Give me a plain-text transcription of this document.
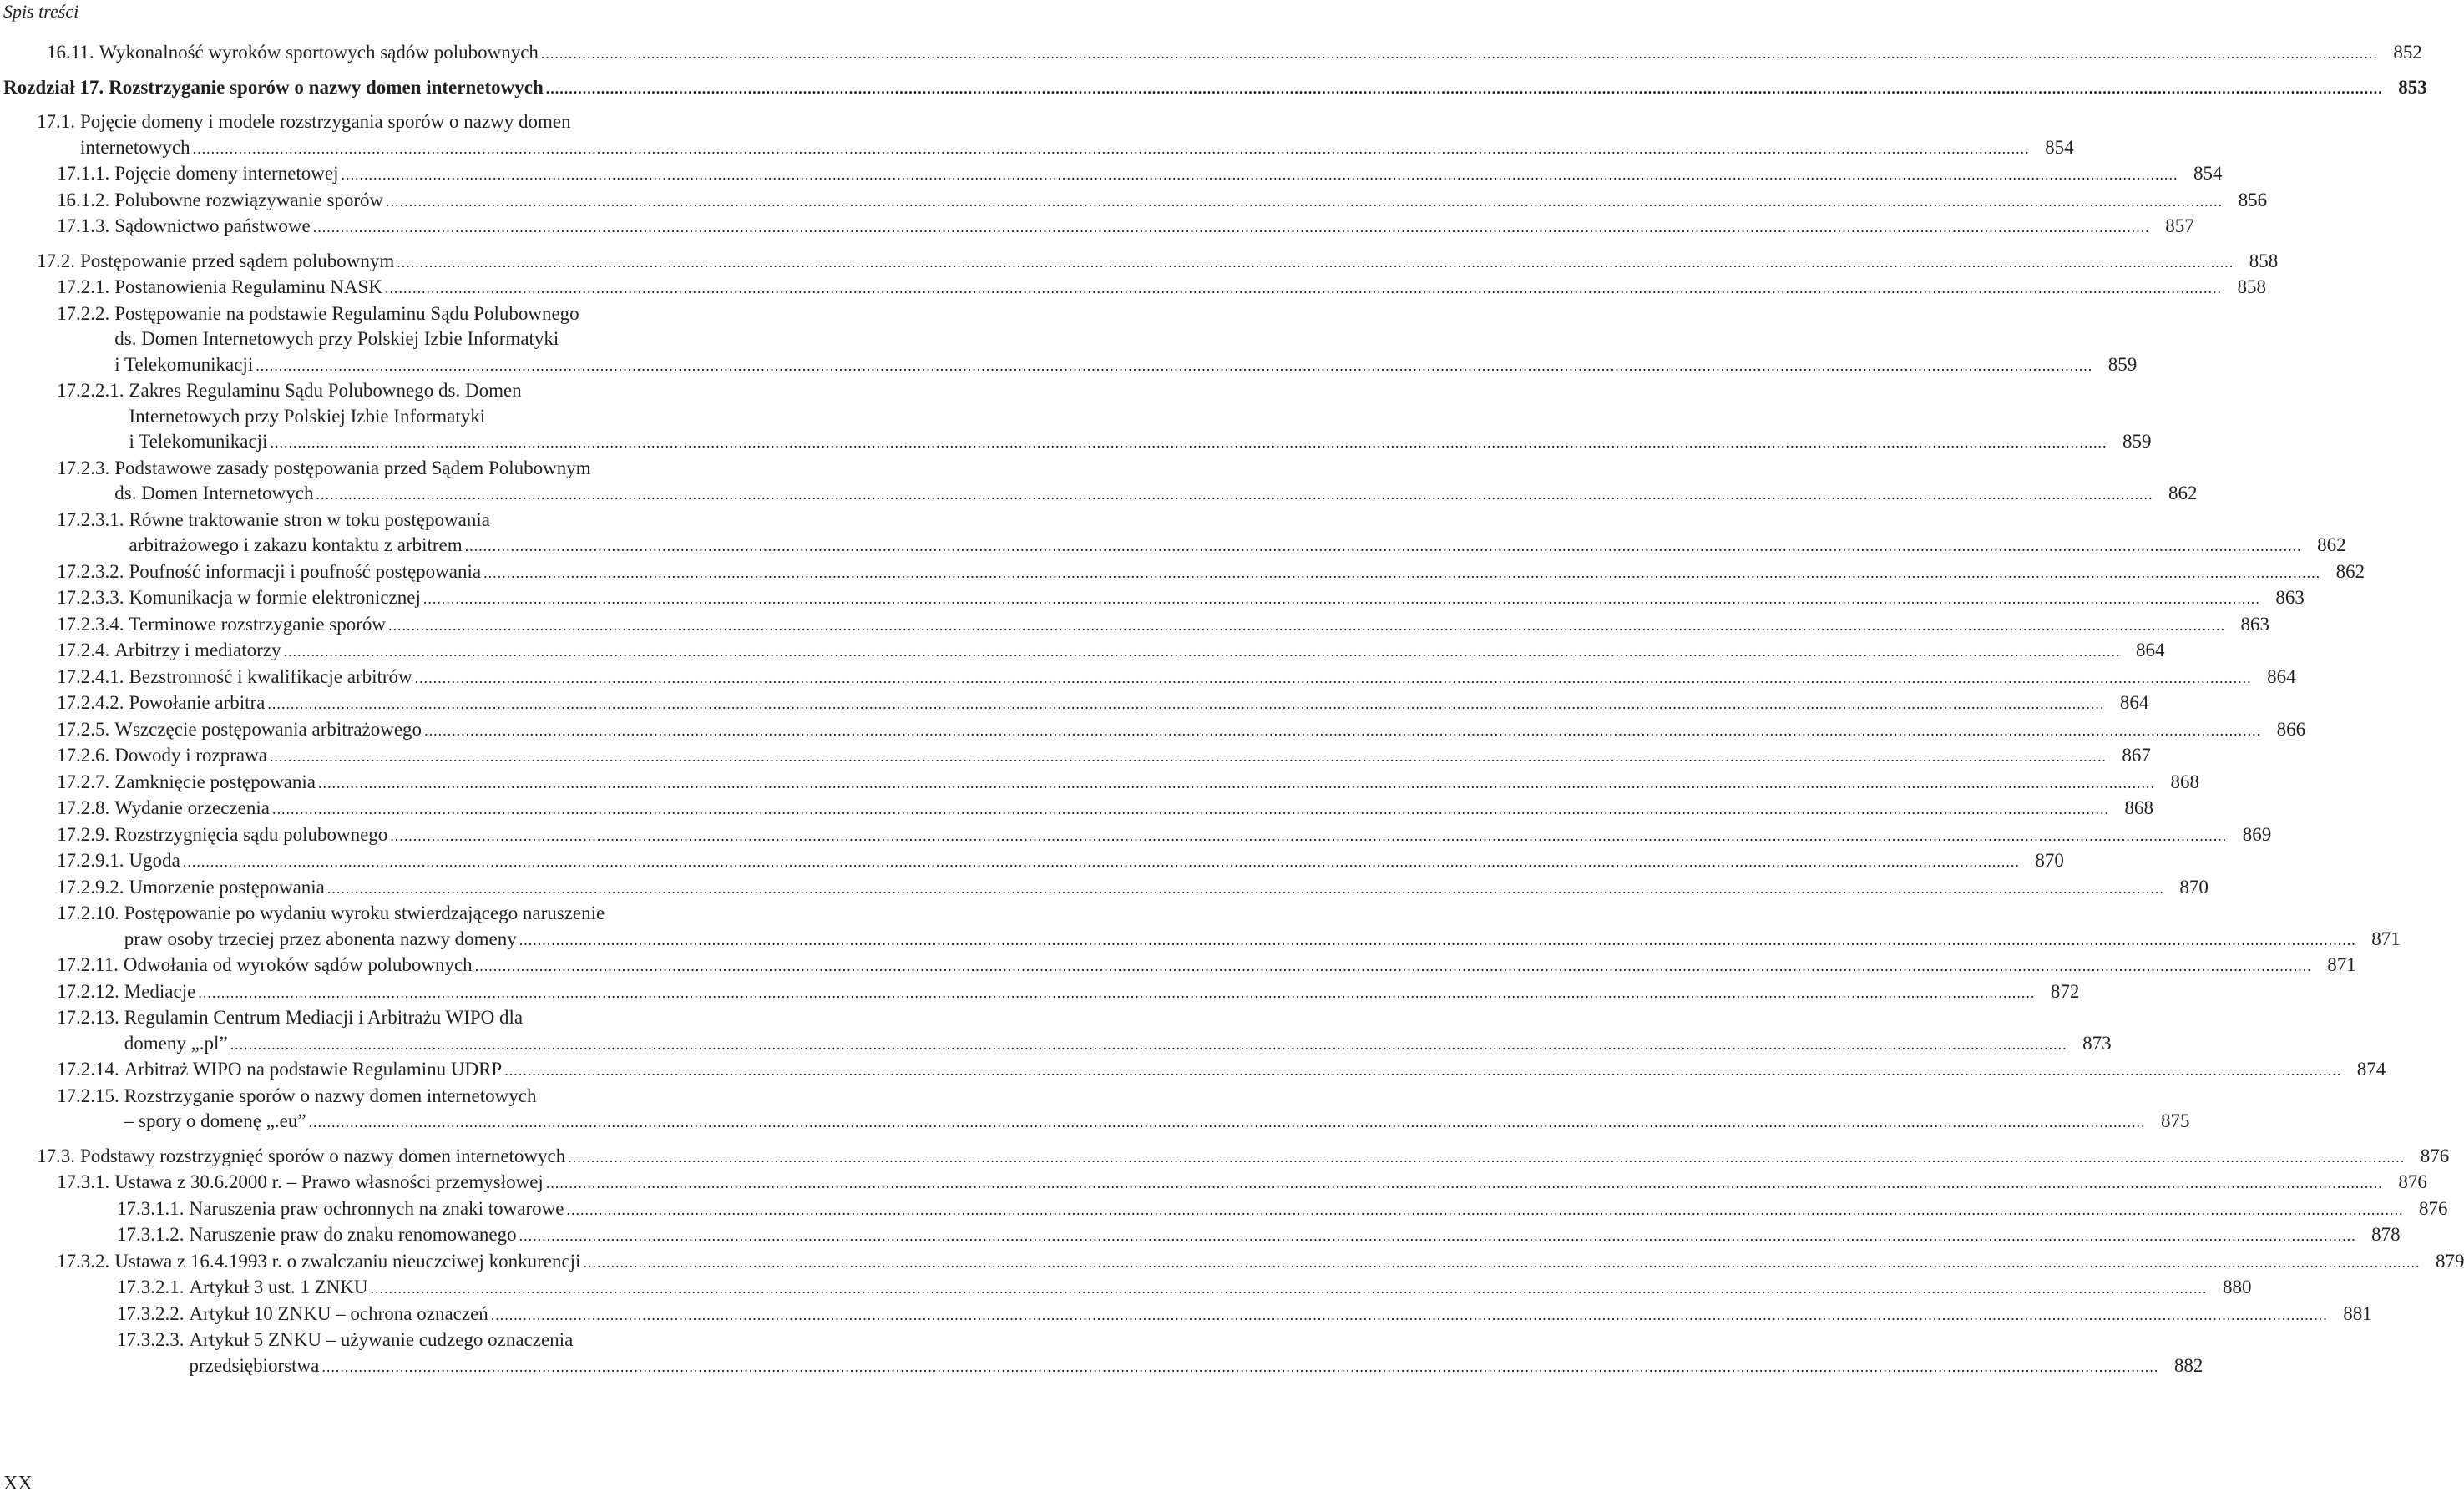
Spis treści
16.11. Wykonalność wyroków sportowych sądów polubownych ................................................................................................................................................................................................................................................................................................................................................................................................................ 852
Rozdział 17. Rozstrzyganie sporów o nazwy domen internetowych ................................................................................................................................................................................................................................................................................................................................................................................................................ 853
17.1. Pojęcie domeny i modele rozstrzygania sporów o nazwy domen
internetowych ................................................................................................................................................................................................................................................................................................................................................................................................................ 854
17.1.1. Pojęcie domeny internetowej ................................................................................................................................................................................................................................................................................................................................................................................................................ 854
16.1.2. Polubowne rozwiązywanie sporów ................................................................................................................................................................................................................................................................................................................................................................................................................ 856
17.1.3. Sądownictwo państwowe ................................................................................................................................................................................................................................................................................................................................................................................................................ 857
17.2. Postępowanie przed sądem polubownym ................................................................................................................................................................................................................................................................................................................................................................................................................ 858
17.2.1. Postanowienia Regulaminu NASK ................................................................................................................................................................................................................................................................................................................................................................................................................ 858
17.2.2. Postępowanie na podstawie Regulaminu Sądu Polubownego
ds. Domen Internetowych przy Polskiej Izbie Informatyki
i Telekomunikacji ................................................................................................................................................................................................................................................................................................................................................................................................................ 859
17.2.2.1. Zakres Regulaminu Sądu Polubownego ds. Domen
Internetowych przy Polskiej Izbie Informatyki
i Telekomunikacji ................................................................................................................................................................................................................................................................................................................................................................................................................ 859
17.2.3. Podstawowe zasady postępowania przed Sądem Polubownym
ds. Domen Internetowych ................................................................................................................................................................................................................................................................................................................................................................................................................ 862
17.2.3.1. Równe traktowanie stron w toku postępowania
arbitrażowego i zakazu kontaktu z arbitrem ................................................................................................................................................................................................................................................................................................................................................................................................................ 862
17.2.3.2. Poufność informacji i poufność postępowania ................................................................................................................................................................................................................................................................................................................................................................................................................ 862
17.2.3.3. Komunikacja w formie elektronicznej ................................................................................................................................................................................................................................................................................................................................................................................................................ 863
17.2.3.4. Terminowe rozstrzyganie sporów ................................................................................................................................................................................................................................................................................................................................................................................................................ 863
17.2.4. Arbitrzy i mediatorzy ................................................................................................................................................................................................................................................................................................................................................................................................................ 864
17.2.4.1. Bezstronność i kwalifikacje arbitrów ................................................................................................................................................................................................................................................................................................................................................................................................................ 864
17.2.4.2. Powołanie arbitra ................................................................................................................................................................................................................................................................................................................................................................................................................ 864
17.2.5. Wszczęcie postępowania arbitrażowego ................................................................................................................................................................................................................................................................................................................................................................................................................ 866
17.2.6. Dowody i rozprawa ................................................................................................................................................................................................................................................................................................................................................................................................................ 867
17.2.7. Zamknięcie postępowania ................................................................................................................................................................................................................................................................................................................................................................................................................ 868
17.2.8. Wydanie orzeczenia ................................................................................................................................................................................................................................................................................................................................................................................................................ 868
17.2.9. Rozstrzygnięcia sądu polubownego ................................................................................................................................................................................................................................................................................................................................................................................................................ 869
17.2.9.1. Ugoda ................................................................................................................................................................................................................................................................................................................................................................................................................ 870
17.2.9.2. Umorzenie postępowania ................................................................................................................................................................................................................................................................................................................................................................................................................ 870
17.2.10. Postępowanie po wydaniu wyroku stwierdzającego naruszenie
praw osoby trzeciej przez abonenta nazwy domeny ................................................................................................................................................................................................................................................................................................................................................................................................................ 871
17.2.11. Odwołania od wyroków sądów polubownych ................................................................................................................................................................................................................................................................................................................................................................................................................ 871
17.2.12. Mediacje ................................................................................................................................................................................................................................................................................................................................................................................................................ 872
17.2.13. Regulamin Centrum Mediacji i Arbitrażu WIPO dla
domeny „.pl” ................................................................................................................................................................................................................................................................................................................................................................................................................ 873
17.2.14. Arbitraż WIPO na podstawie Regulaminu UDRP ................................................................................................................................................................................................................................................................................................................................................................................................................ 874
17.2.15. Rozstrzyganie sporów o nazwy domen internetowych
– spory o domenę „.eu” ................................................................................................................................................................................................................................................................................................................................................................................................................ 875
17.3. Podstawy rozstrzygnięć sporów o nazwy domen internetowych ................................................................................................................................................................................................................................................................................................................................................................................................................ 876
17.3.1. Ustawa z 30.6.2000 r. – Prawo własności przemysłowej ................................................................................................................................................................................................................................................................................................................................................................................................................ 876
17.3.1.1. Naruszenia praw ochronnych na znaki towarowe ................................................................................................................................................................................................................................................................................................................................................................................................................ 876
17.3.1.2. Naruszenie praw do znaku renomowanego ................................................................................................................................................................................................................................................................................................................................................................................................................ 878
17.3.2. Ustawa z 16.4.1993 r. o zwalczaniu nieuczciwej konkurencji ................................................................................................................................................................................................................................................................................................................................................................................................................ 879
17.3.2.1. Artykuł 3 ust. 1 ZNKU ................................................................................................................................................................................................................................................................................................................................................................................................................ 880
17.3.2.2. Artykuł 10 ZNKU – ochrona oznaczeń ................................................................................................................................................................................................................................................................................................................................................................................................................ 881
17.3.2.3. Artykuł 5 ZNKU – używanie cudzego oznaczenia
przedsiębiorstwa ................................................................................................................................................................................................................................................................................................................................................................................................................ 882
XX
